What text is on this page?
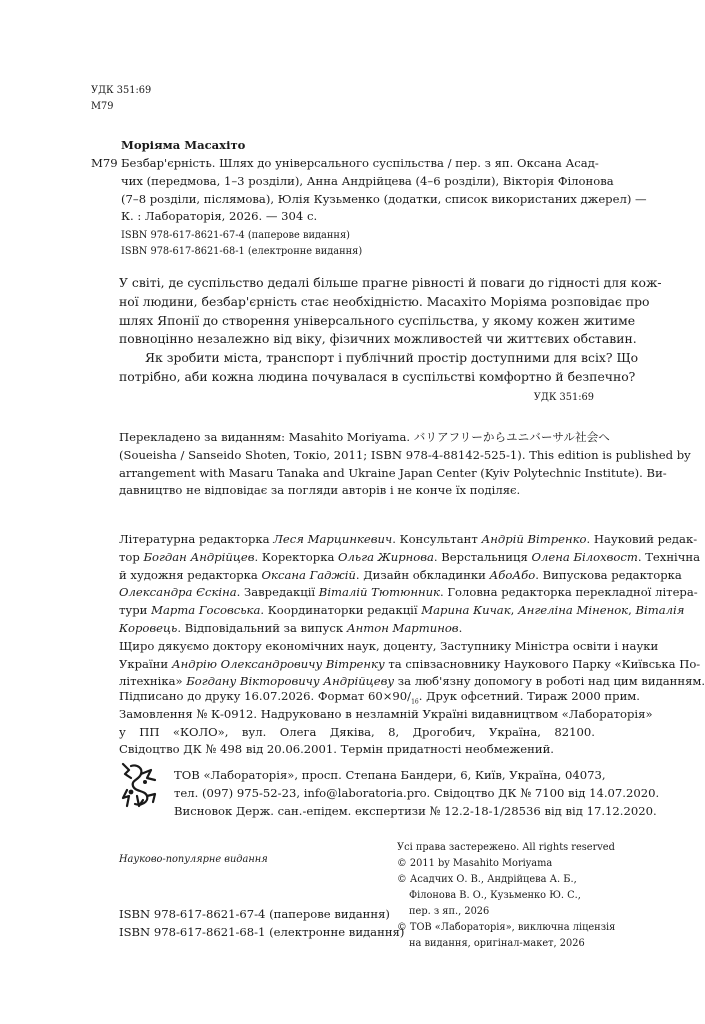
УДК 351:69
М79
Моріяма Масахіто
М79 Безбар'єрність. Шлях до універсального суспільства / пер. з яп. Оксана Асад-
чих (передмова, 1–3 розділи), Анна Андрійцева (4–6 розділи), Вікторія Філонова
(7–8 розділи, післямова), Юлія Кузьменко (додатки, список використаних джерел) —
К. : Лабораторія, 2026. — 304 с.
ISBN 978-617-8621-67-4 (паперове видання)
ISBN 978-617-8621-68-1 (електронне видання)
У світі, де суспільство дедалі більше прагне рівності й поваги до гідності для кож-
ної людини, безбар'єрність стає необхідністю. Масахіто Моріяма розповідає про
шлях Японії до створення універсального суспільства, у якому кожен житиме
повноцінно незалежно від віку, фізичних можливостей чи життєвих обставин.
Як зробити міста, транспорт і публічний простір доступними для всіх? Що
потрібно, аби кожна людина почувалася в суспільстві комфортно й безпечно?
УДК 351:69
Перекладено за виданням: Masahito Moriyama. バリアフリーからユニバーサル社会へ
(Soueisha / Sanseido Shoten, Токіо, 2011; ISBN 978-4-88142-525-1). This edition is published by
arrangement with Masaru Tanaka and Ukraine Japan Center (Kyiv Polytechnic Institute). Ви-
давництво не відповідає за погляди авторів і не конче їх поділяє.
Літературна редакторка Леся Марцинкевич. Консультант Андрій Вітренко. Науковий редак-
тор Богдан Андрійцев. Коректорка Ольга Жирнова. Верстальниця Олена Білохвост. Технічна
й художня редакторка Оксана Гаджій. Дизайн обкладинки АбоАбо. Випускова редакторка
Олександра Єскіна. Завредакції Віталій Тютюнник. Головна редакторка перекладної літера-
тури Марта Госовська. Координаторки редакції Марина Кичак, Ангеліна Міненок, Віталія
Коровець. Відповідальний за випуск Антон Мартинов.
Щиро дякуємо доктору економічних наук, доценту, Заступнику Міністра освіти і науки
України Андрію Олександровичу Вітренку та співзасновнику Наукового Парку «Київська По-
літехніка» Богдану Вікторовичу Андрійцеву за люб'язну допомогу в роботі над цим виданням.
Підписано до друку 16.07.2026. Формат $60\times 90/_{16}$. Друк офсетний. Тираж 2000 прим.
Замовлення № К-0912. Надруковано в незламній Україні видавництвом «Лабораторія»
у ПП «КОЛО», вул. Олега Дяківа, 8, Дрогобич, Україна, 82100.
Свідоцтво ДК № 498 від 20.06.2001. Термін придатності необмежений.
ТОВ «Лабораторія», просп. Степана Бандери, 6, Київ, Україна, 04073,
тел. (097) 975-52-23, info@laboratoria.pro. Свідоцтво ДК № 7100 від 14.07.2020.
Висновок Держ. сан.-епідем. експертизи № 12.2-18-1/28536 від від 17.12.2020.
Науково-популярне видання
ISBN 978-617-8621-67-4 (паперове видання)
ISBN 978-617-8621-68-1 (електронне видання)
Усі права застережено. All rights reserved
© 2011 by Masahito Moriyama
© Асадчих О. В., Андрійцева А. Б.,
Філонова В. О., Кузьменко Ю. С.,
пер. з яп., 2026
© ТОВ «Лабораторія», виключна ліцензія
на видання, оригінал-макет, 2026
